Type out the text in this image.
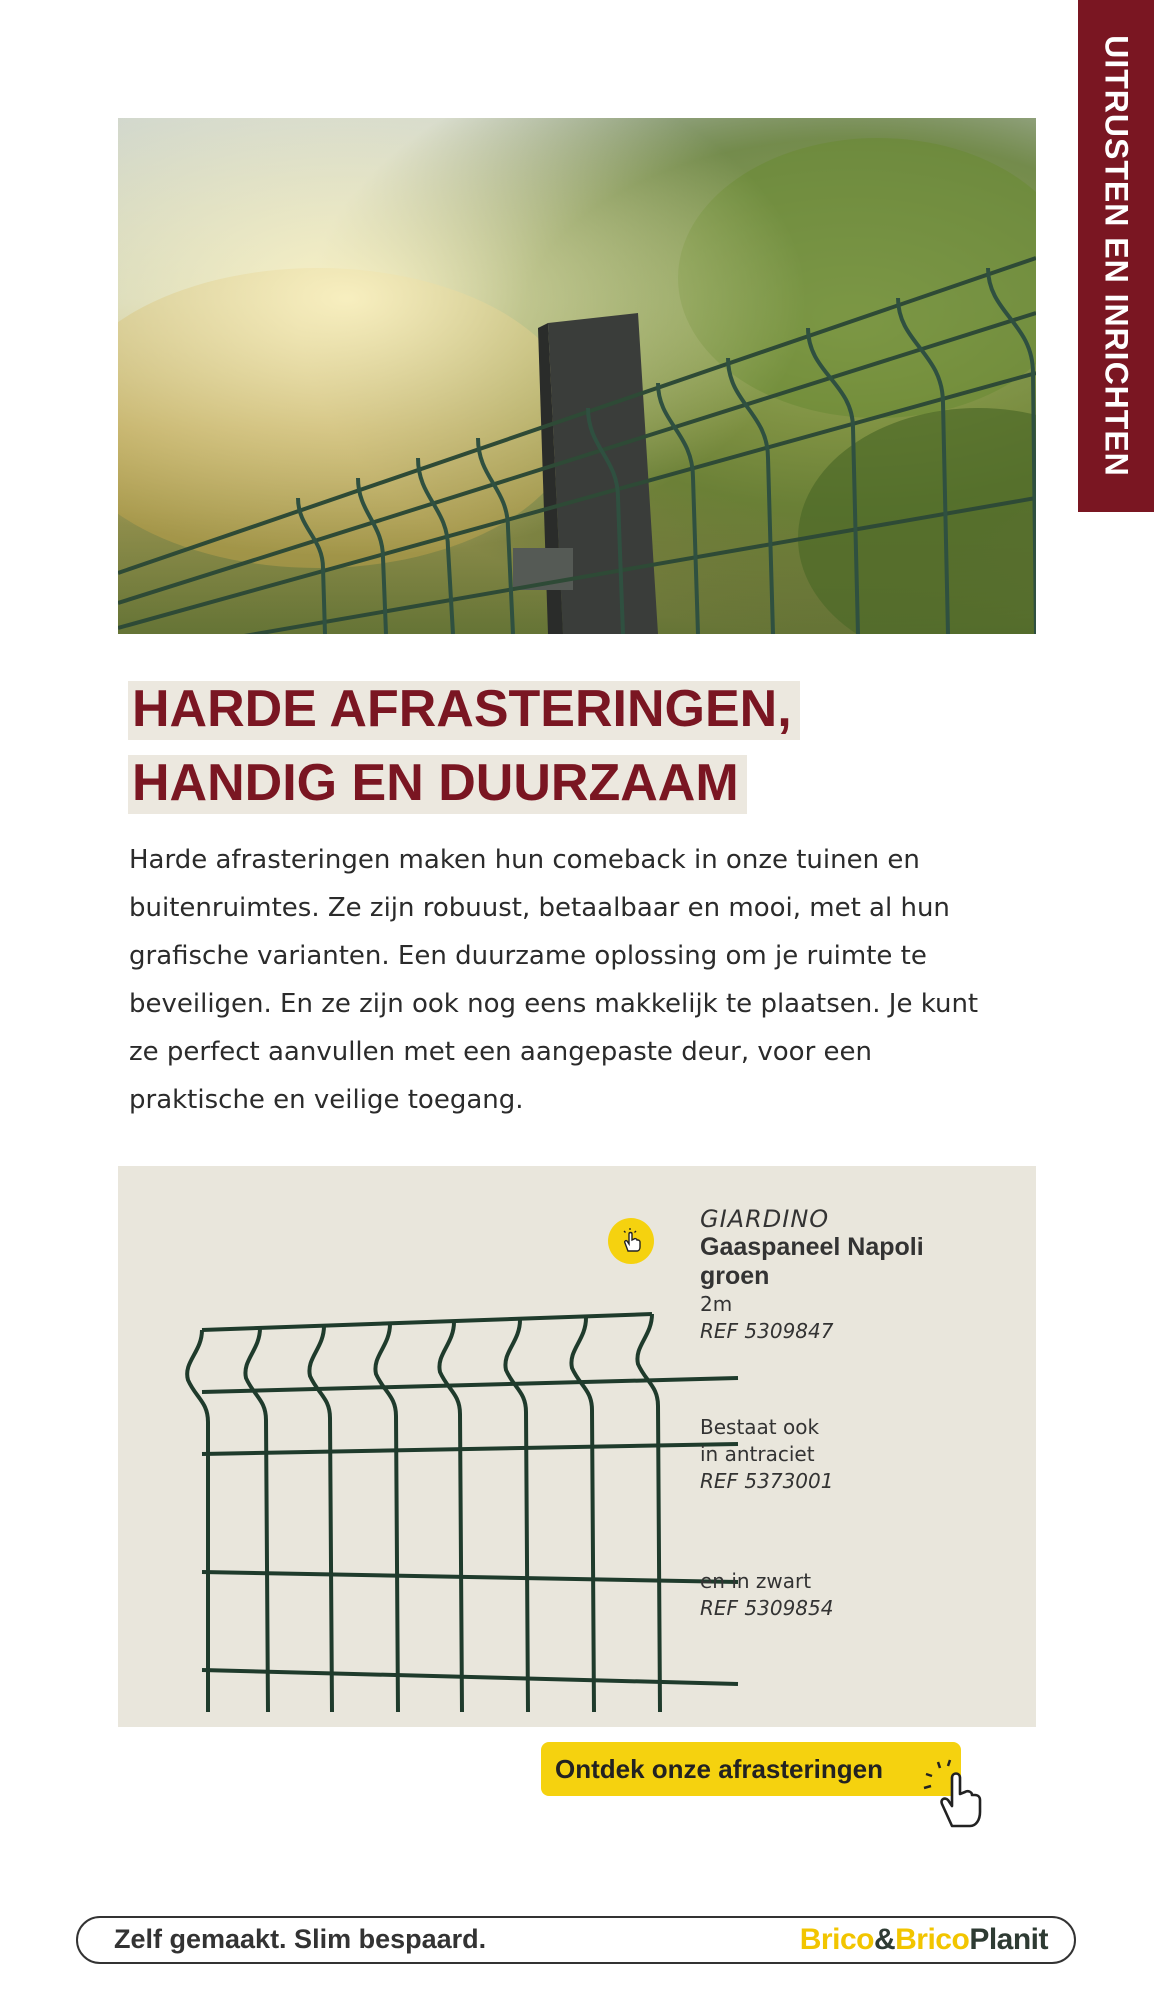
UITRUSTEN EN INRICHTEN
HARDE AFRASTERINGEN,
HANDIG EN DUURZAAM
Harde afrasteringen maken hun comeback in onze tuinen en buitenruimtes. Ze zijn robuust, betaalbaar en mooi, met al hun grafische varianten. Een duurzame oplossing om je ruimte te beveiligen. En ze zijn ook nog eens makkelijk te plaatsen. Je kunt ze perfect aanvullen met een aangepaste deur, voor een praktische en veilige toegang.
GIARDINO
Gaaspaneel Napoli
groen
2m
REF 5309847
Bestaat ook
in antraciet
REF 5373001
en in zwart
REF 5309854
Ontdek onze afrasteringen
Zelf gemaakt. Slim bespaard.	Brico&BricoPlanit
